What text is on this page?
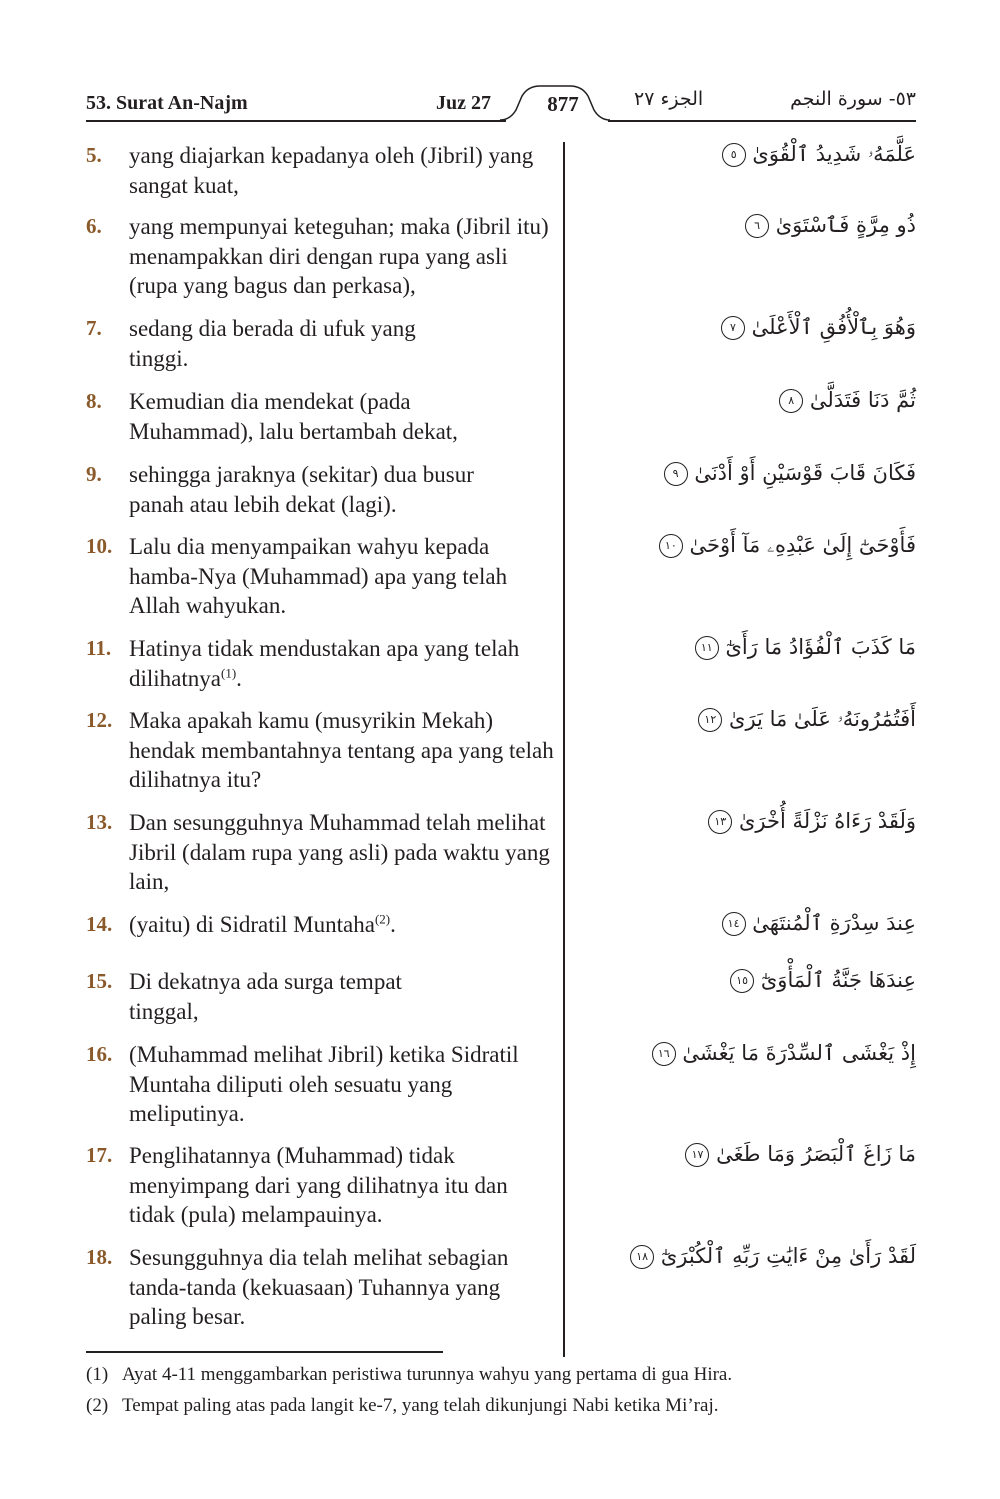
53. Surat An-Najm	Juz 27	877	الجزء ٢٧	٥٣- سورة النجم
5. yang diajarkan kepadanya oleh (Jibril) yang sangat kuat,
عَلَّمَهُۥ شَدِيدُ ٱلْقُوَىٰ ٥
6. yang mempunyai keteguhan; maka (Jibril itu) menampakkan diri dengan rupa yang asli (rupa yang bagus dan perkasa),
ذُو مِرَّةٍ فَٱسْتَوَىٰ ٦
7. sedang dia berada di ufuk yang tinggi.
وَهُوَ بِٱلْأُفُقِ ٱلْأَعْلَىٰ ٧
8. Kemudian dia mendekat (pada Muhammad), lalu bertambah dekat,
ثُمَّ دَنَا فَتَدَلَّىٰ ٨
9. sehingga jaraknya (sekitar) dua busur panah atau lebih dekat (lagi).
فَكَانَ قَابَ قَوْسَيْنِ أَوْ أَدْنَىٰ ٩
10. Lalu dia menyampaikan wahyu kepada hamba-Nya (Muhammad) apa yang telah Allah wahyukan.
فَأَوْحَىٰٓ إِلَىٰ عَبْدِهِۦ مَآ أَوْحَىٰ ١٠
11. Hatinya tidak mendustakan apa yang telah dilihatnya$^{(1)}$.
مَا كَذَبَ ٱلْفُؤَادُ مَا رَأَىٰٓ ١١
12. Maka apakah kamu (musyrikin Mekah) hendak membantahnya tentang apa yang telah dilihatnya itu?
أَفَتُمَٰرُونَهُۥ عَلَىٰ مَا يَرَىٰ ١٢
13. Dan sesungguhnya Muhammad telah melihat Jibril (dalam rupa yang asli) pada waktu yang lain,
وَلَقَدْ رَءَاهُ نَزْلَةً أُخْرَىٰ ١٣
14. (yaitu) di Sidratil Muntaha$^{(2)}$.	عِندَ سِدْرَةِ ٱلْمُنتَهَىٰ ١٤
15. Di dekatnya ada surga tempat tinggal,
عِندَهَا جَنَّةُ ٱلْمَأْوَىٰٓ ١٥
16. (Muhammad melihat Jibril) ketika Sidratil Muntaha diliputi oleh sesuatu yang meliputinya.
إِذْ يَغْشَى ٱلسِّدْرَةَ مَا يَغْشَىٰ ١٦
17. Penglihatannya (Muhammad) tidak menyimpang dari yang dilihatnya itu dan tidak (pula) melampauinya.
مَا زَاغَ ٱلْبَصَرُ وَمَا طَغَىٰ ١٧
18. Sesungguhnya dia telah melihat sebagian tanda-tanda (kekuasaan) Tuhannya yang paling besar.
لَقَدْ رَأَىٰ مِنْ ءَايَٰتِ رَبِّهِ ٱلْكُبْرَىٰٓ ١٨
(1) Ayat 4-11 menggambarkan peristiwa turunnya wahyu yang pertama di gua Hira.
(2) Tempat paling atas pada langit ke-7, yang telah dikunjungi Nabi ketika Mi’raj.
